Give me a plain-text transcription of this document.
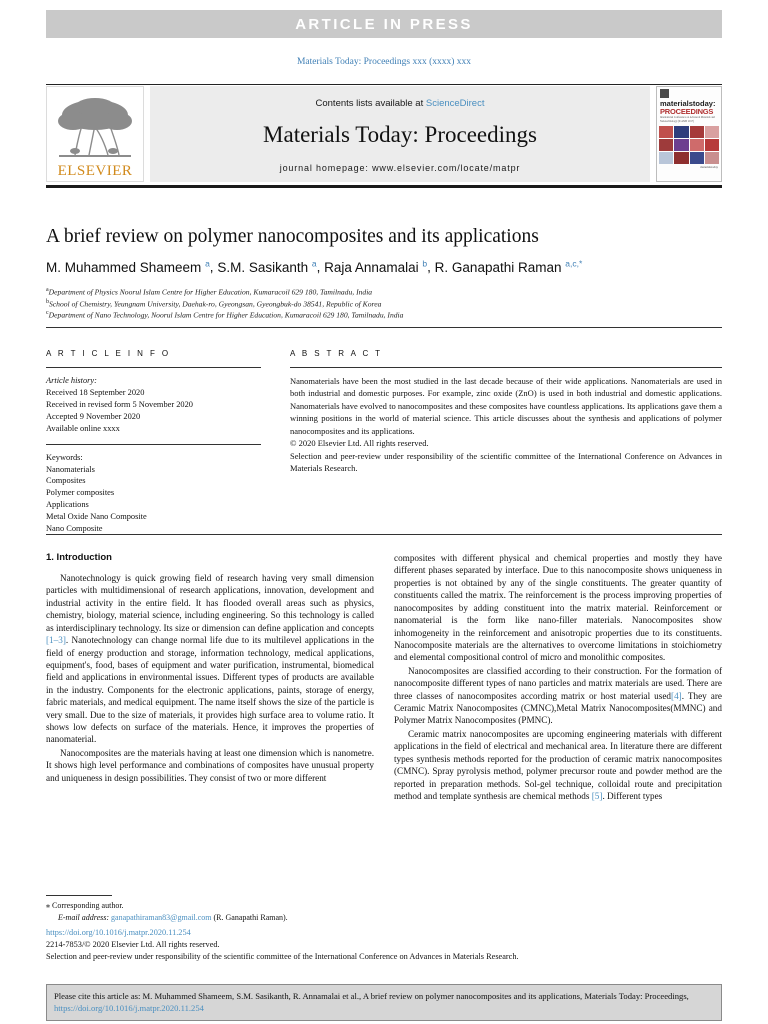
ARTICLE IN PRESS
Materials Today: Proceedings xxx (xxxx) xxx
ELSEVIER
Contents lists available at ScienceDirect
Materials Today: Proceedings
journal homepage: www.elsevier.com/locate/matpr
materialstoday:
PROCEEDINGS
International Conference on Advanced Materials and Nanotechnology (ICAMN 2017)
materialstoday
A brief review on polymer nanocomposites and its applications
M. Muhammed Shameem $^a$, S.M. Sasikanth $^a$, Raja Annamalai $^b$, R. Ganapathi Raman $^{a,c,*}$
$^a$Department of Physics Noorul Islam Centre for Higher Education, Kumaracoil 629 180, Tamilnadu, India
$^b$School of Chemistry, Yeungnam University, Daehak-ro, Gyeongsan, Gyeongbuk-do 38541, Republic of Korea
$^c$Department of Nano Technology, Noorul Islam Centre for Higher Education, Kumaracoil 629 180, Tamilnadu, India
A R T I C L E I N F O
Article history:
Received 18 September 2020
Received in revised form 5 November 2020
Accepted 9 November 2020
Available online xxxx
Keywords:
Nanomaterials
Composites
Polymer composites
Applications
Metal Oxide Nano Composite
Nano Composite
A B S T R A C T

Nanomaterials have been the most studied in the last decade because of their wide applications. Nanomaterials are used in both industrial and domestic purposes. For example, zinc oxide (ZnO) is used in both industrial and domestic applications. Nanomaterials have evolved to nanocomposites and these composites have countless applications. Its applications gave them a winning positions in the world of material science. This article discusses about the synthesis and applications of polymer nanocomposites and its applications.

© 2020 Elsevier Ltd. All rights reserved.

Selection and peer-review under responsibility of the scientific committee of the International Conference on Advances in Materials Research.

1. Introduction

Nanotechnology is quick growing field of research having very small dimension particles with multidimensional of research applications, innovation, development and industrial activity in the entire field. It has flooded overall areas such as physics, chemistry, biology, material science, including engineering. So this technology is called as interdisciplinary technology. Its size or dimension can define application and concepts [1–3]. Nanotechnology can change normal life due to its multilevel applications in the field of energy production and storage, information technology, medical applications, equipment's, food, bases of equipment and water purification, instrumental, biomedical field and applications in environmental issues. Different types of products are available in the industry. Components for the electronic applications, paints, storage of energy, fabric materials, and medical equipment. The name itself shows the size of the particle is very small. Due to the size of materials, it provides high surface area to volume ratio. It shows low defects on surface of the materials. Hence, it improves the properties of nanomaterial.

Nanocomposites are the materials having at least one dimension which is nanometre. It shows high level performance and combinations of composites have unusual property and uniqueness in design possibilities. They consist of two or more different

composites with different physical and chemical properties and mostly they have different phases separated by interface. Due to this nanocomposite shows uniqueness in properties is not obtained by any of the single constituents. The greater quantity of constituents called the matrix. The reinforcement is the process improving properties of nanocomposites by adding constituent into the matrix material. Reinforcement or nanomaterial is the form like nano-filler materials. Nanocomposites show inhomogeneity in the reinforcement and anisotropic properties due to its constituents. Nanocomposite materials are the alternatives to overcome limitations in stoichiometry and elemental compositional control of micro and monolithic composites.

Nanocomposites are classified according to their construction. For the formation of nanocomposite different types of nano particles and matrix materials are used. There are three classes of nanocomposites according matrix or host material used[4]. They are Ceramic Matrix Nanocomposites (CMNC),Metal Matrix Nanocomposites(MMNC) and Polymer Matrix Nanocomposites (PMNC).

Ceramic matrix nanocomposites are upcoming engineering materials with different applications in the field of electrical and mechanical area. In literature there are different types synthesis methods reported for the production of ceramic matrix nanocomposites (CMNC). Spray pyrolysis method, polymer precursor route and powder method are the reported in preparation methods. Sol-gel technique, colloidal route and precipitation method and template synthesis are chemical methods [5]. Different types

⁎ Corresponding author.
E-mail address: ganapathiraman83@gmail.com (R. Ganapathi Raman).
https://doi.org/10.1016/j.matpr.2020.11.254
2214-7853/© 2020 Elsevier Ltd. All rights reserved.
Selection and peer-review under responsibility of the scientific committee of the International Conference on Advances in Materials Research.
Please cite this article as: M. Muhammed Shameem, S.M. Sasikanth, R. Annamalai et al., A brief review on polymer nanocomposites and its applications, Materials Today: Proceedings, https://doi.org/10.1016/j.matpr.2020.11.254
